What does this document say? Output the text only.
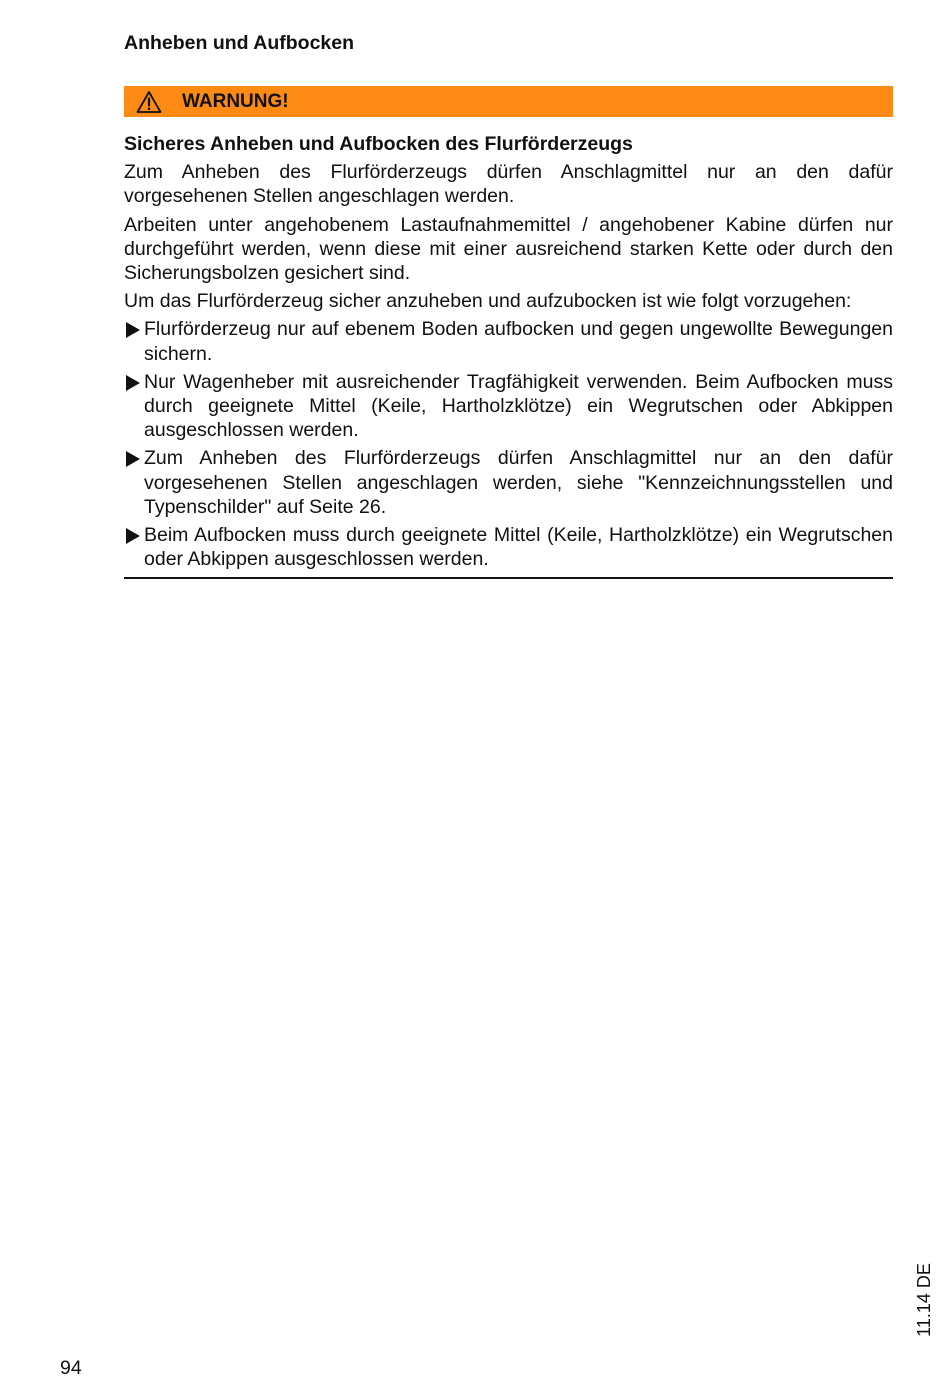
Anheben und Aufbocken
WARNUNG!
Sicheres Anheben und Aufbocken des Flurförderzeugs

Zum Anheben des Flurförderzeugs dürfen Anschlagmittel nur an den dafür vorgesehenen Stellen angeschlagen werden.

Arbeiten unter angehobenem Lastaufnahmemittel / angehobener Kabine dürfen nur durchgeführt werden, wenn diese mit einer ausreichend starken Kette oder durch den Sicherungsbolzen gesichert sind.

Um das Flurförderzeug sicher anzuheben und aufzubocken ist wie folgt vorzugehen:

Flurförderzeug nur auf ebenem Boden aufbocken und gegen ungewollte Bewegungen sichern.
Nur Wagenheber mit ausreichender Tragfähigkeit verwenden. Beim Aufbocken muss durch geeignete Mittel (Keile, Hartholzklötze) ein Wegrutschen oder Abkippen ausgeschlossen werden.
Zum Anheben des Flurförderzeugs dürfen Anschlagmittel nur an den dafür vorgesehenen Stellen angeschlagen werden, siehe "Kennzeichnungsstellen und Typenschilder" auf Seite 26.
Beim Aufbocken muss durch geeignete Mittel (Keile, Hartholzklötze) ein Wegrutschen oder Abkippen ausgeschlossen werden.
94
11.14 DE
